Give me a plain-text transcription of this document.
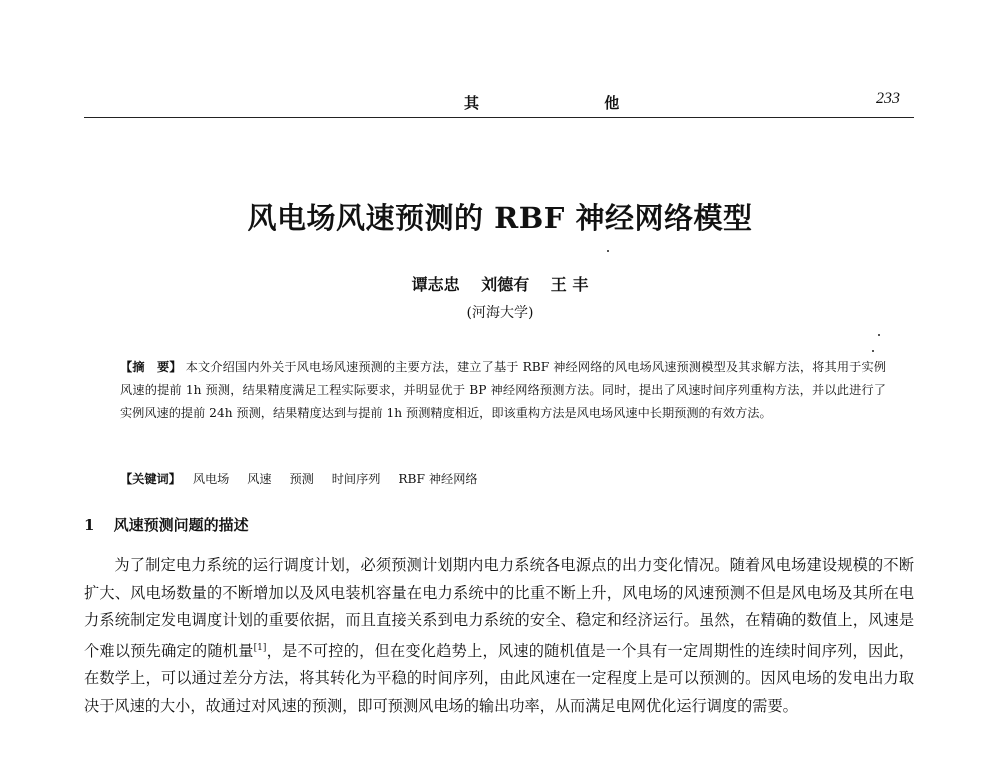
其 他	233
风电场风速预测的 RBF 神经网络模型
谭志忠 刘德有 王 丰
(河海大学)
【摘　要】 本文介绍国内外关于风电场风速预测的主要方法，建立了基于 RBF 神经网络的风电场风速预测模型及其求解方法，将其用于实例风速的提前 1h 预测，结果精度满足工程实际要求，并明显优于 BP 神经网络预测方法。同时，提出了风速时间序列重构方法，并以此进行了实例风速的提前 24h 预测，结果精度达到与提前 1h 预测精度相近，即该重构方法是风电场风速中长期预测的有效方法。
【关键词】 风电场 风速 预测 时间序列 RBF 神经网络
1 风速预测问题的描述
为了制定电力系统的运行调度计划，必须预测计划期内电力系统各电源点的出力变化情况。随着风电场建设规模的不断扩大、风电场数量的不断增加以及风电装机容量在电力系统中的比重不断上升，风电场的风速预测不但是风电场及其所在电力系统制定发电调度计划的重要依据，而且直接关系到电力系统的安全、稳定和经济运行。虽然，在精确的数值上，风速是个难以预先确定的随机量[1]，是不可控的，但在变化趋势上，风速的随机值是一个具有一定周期性的连续时间序列，因此，在数学上，可以通过差分方法，将其转化为平稳的时间序列，由此风速在一定程度上是可以预测的。因风电场的发电出力取决于风速的大小，故通过对风速的预测，即可预测风电场的输出功率，从而满足电网优化运行调度的需要。
